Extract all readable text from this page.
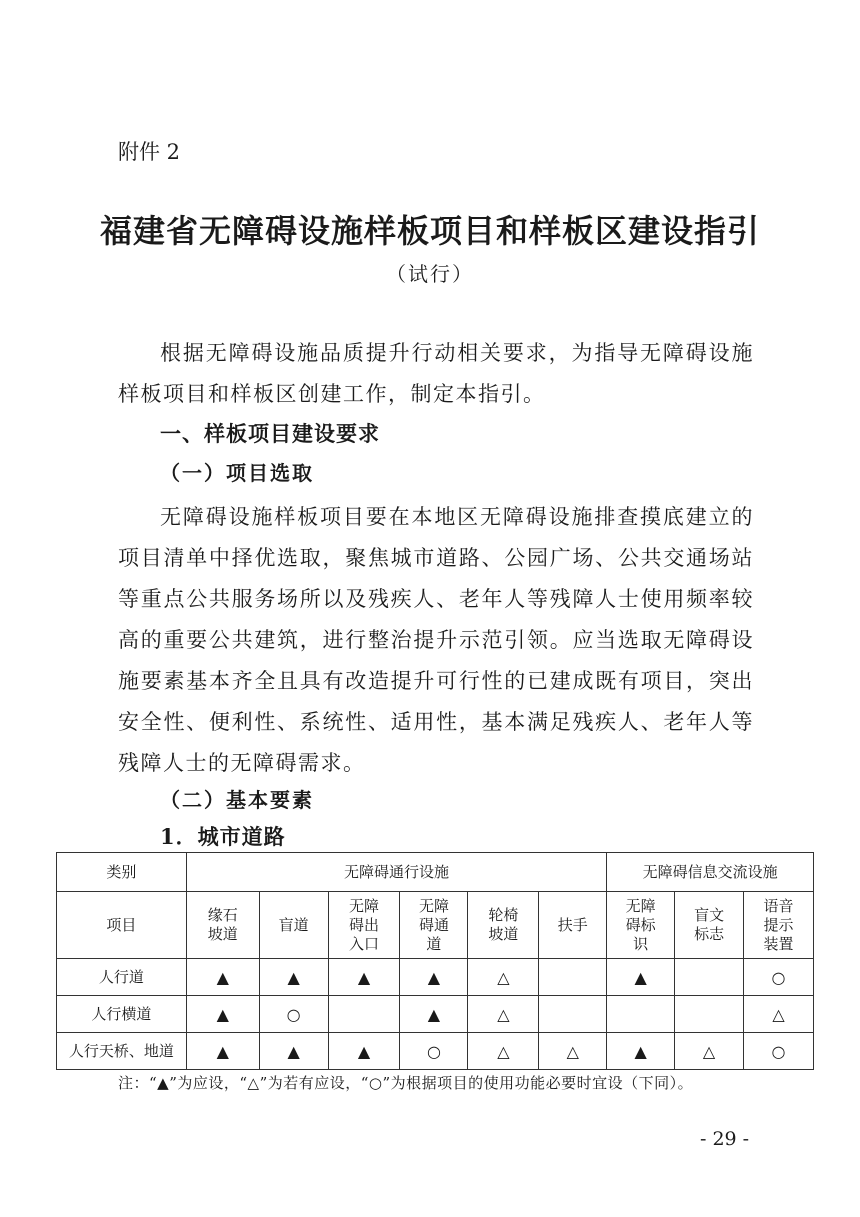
附件 2
福建省无障碍设施样板项目和样板区建设指引
（试行）
根据无障碍设施品质提升行动相关要求，为指导无障碍设施样板项目和样板区创建工作，制定本指引。
一、样板项目建设要求
（一）项目选取
无障碍设施样板项目要在本地区无障碍设施排查摸底建立的项目清单中择优选取，聚焦城市道路、公园广场、公共交通场站等重点公共服务场所以及残疾人、老年人等残障人士使用频率较高的重要公共建筑，进行整治提升示范引领。应当选取无障碍设施要素基本齐全且具有改造提升可行性的已建成既有项目，突出安全性、便利性、系统性、适用性，基本满足残疾人、老年人等残障人士的无障碍需求。
（二）基本要素
1．城市道路
类别	无障碍通行设施						无障碍信息交流设施		
项目	缘石坡道	盲道	无障碍出入口	无障碍通道	轮椅坡道	扶手	无障碍标识	盲文标志	语音提示装置

人行道	▲	▲	▲	▲	△		▲		○
人行横道	▲	○		▲	△				△
人行天桥、地道	▲	▲	▲	○	△	△	▲	△	○
注：“▲”为应设，“△”为若有应设，“○”为根据项目的使用功能必要时宜设（下同）。
- 29 -
